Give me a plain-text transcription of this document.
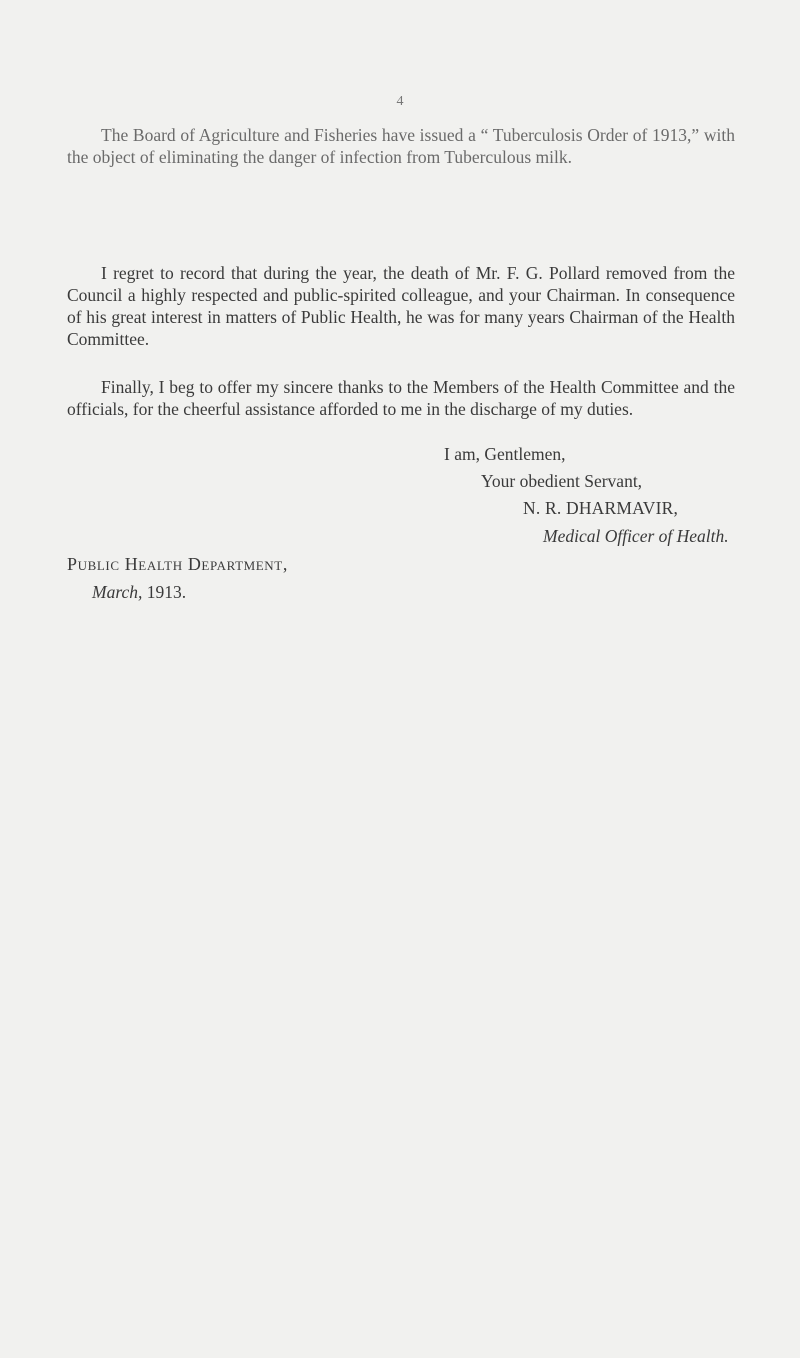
4

The Board of Agriculture and Fisheries have issued a “ Tuberculosis Order of 1913,” with the object of eliminating the danger of infection from Tuberculous milk.

I regret to record that during the year, the death of Mr. F. G. Pollard removed from the Council a highly respected and public-spirited colleague, and your Chairman. In consequence of his great interest in matters of Public Health, he was for many years Chairman of the Health Committee.

Finally, I beg to offer my sincere thanks to the Members of the Health Committee and the officials, for the cheerful assistance afforded to me in the discharge of my duties.

I am, Gentlemen,
Your obedient Servant,
N. R. DHARMAVIR,
Medical Officer of Health.
Public Health Department,
March, 1913.
